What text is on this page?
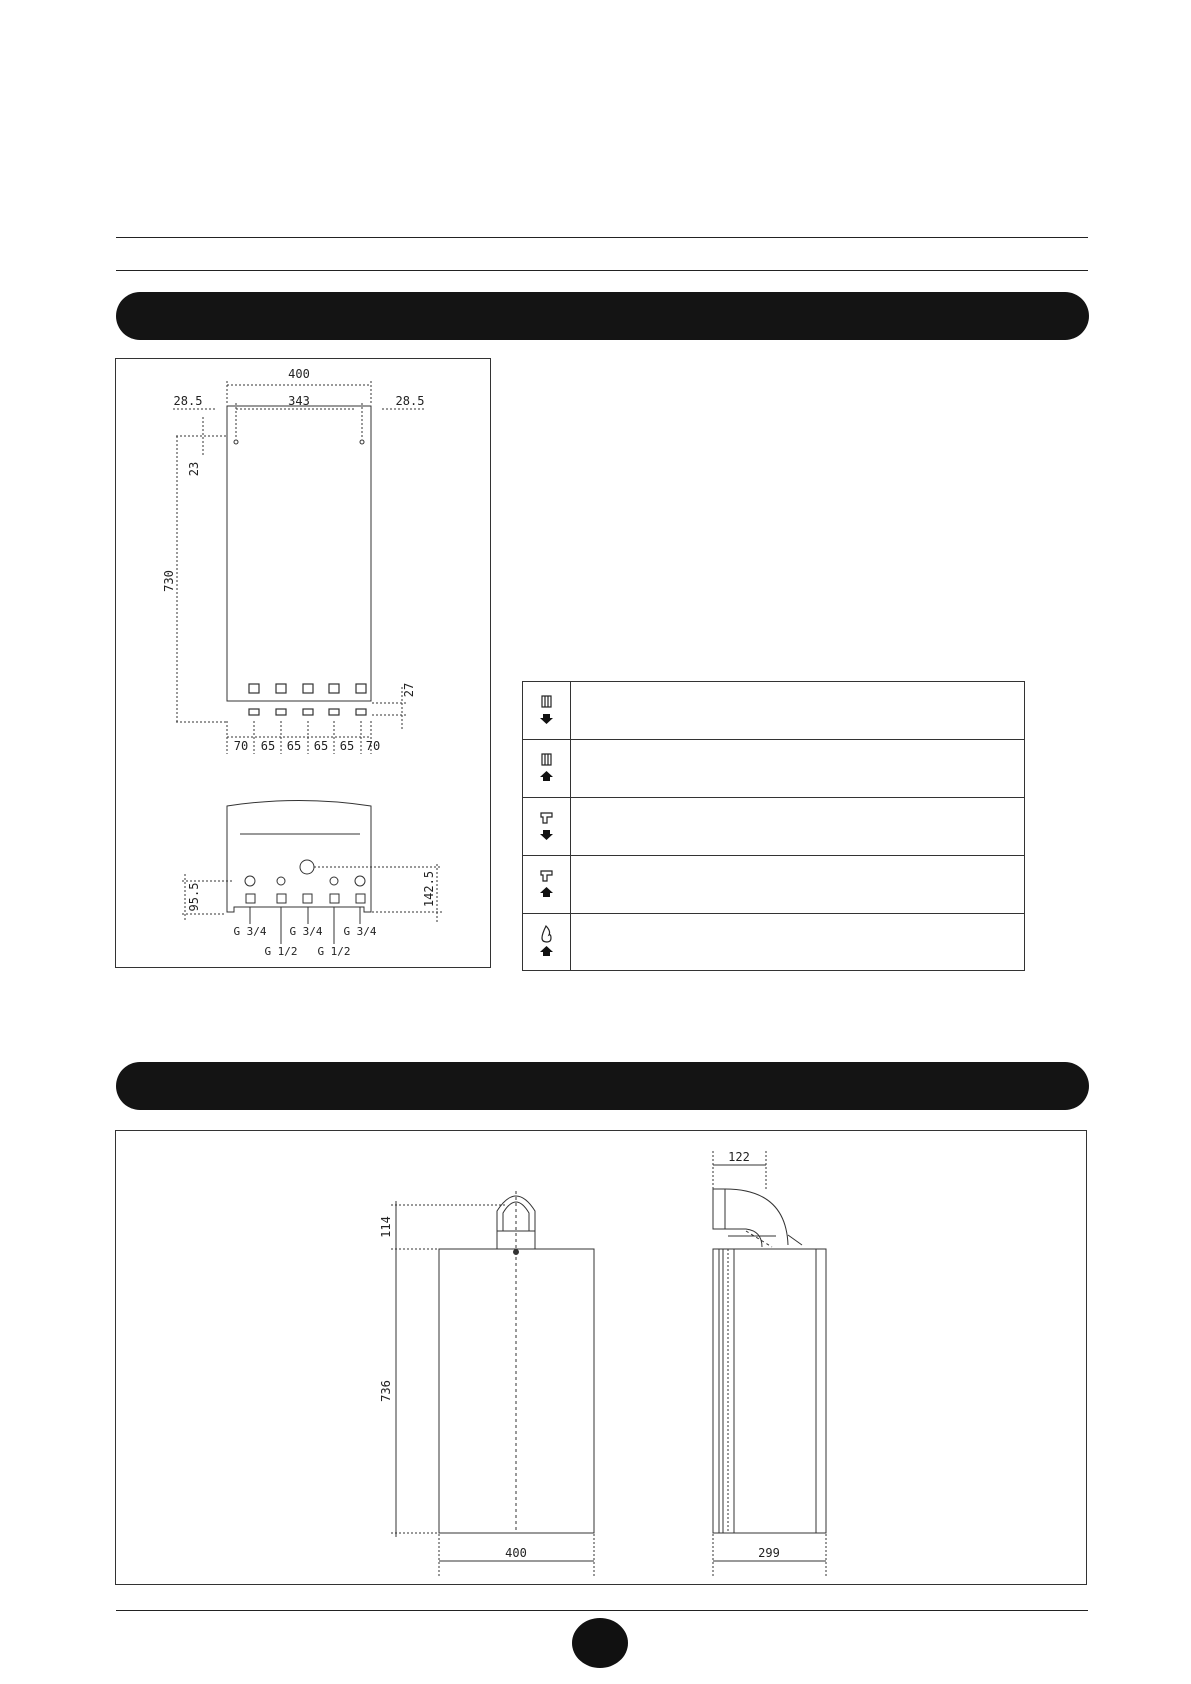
400
28.5	343	28.5
23
730
27
70 65 65 65 65 70
95.5	142.5
G 3/4 G 3/4 G 3/4
G 1/2 G 1/2
114
736
400
122
299
